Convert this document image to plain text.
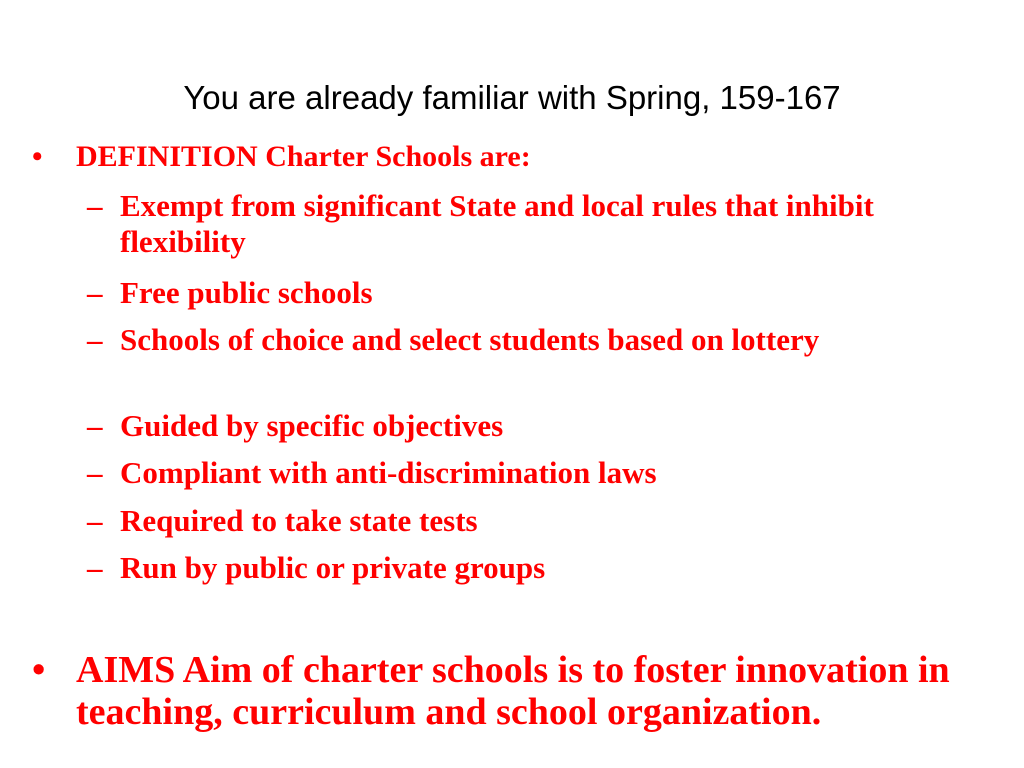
You are already familiar with Spring, 159-167
• DEFINITION Charter Schools are:
– Exempt from significant State and local rules that inhibit flexibility
– Free public schools
– Schools of choice and select students based on lottery
– Guided by specific objectives
– Compliant with anti-discrimination laws
– Required to take state tests
– Run by public or private groups
• AIMS Aim of charter schools is to foster innovation in teaching, curriculum and school organization.
